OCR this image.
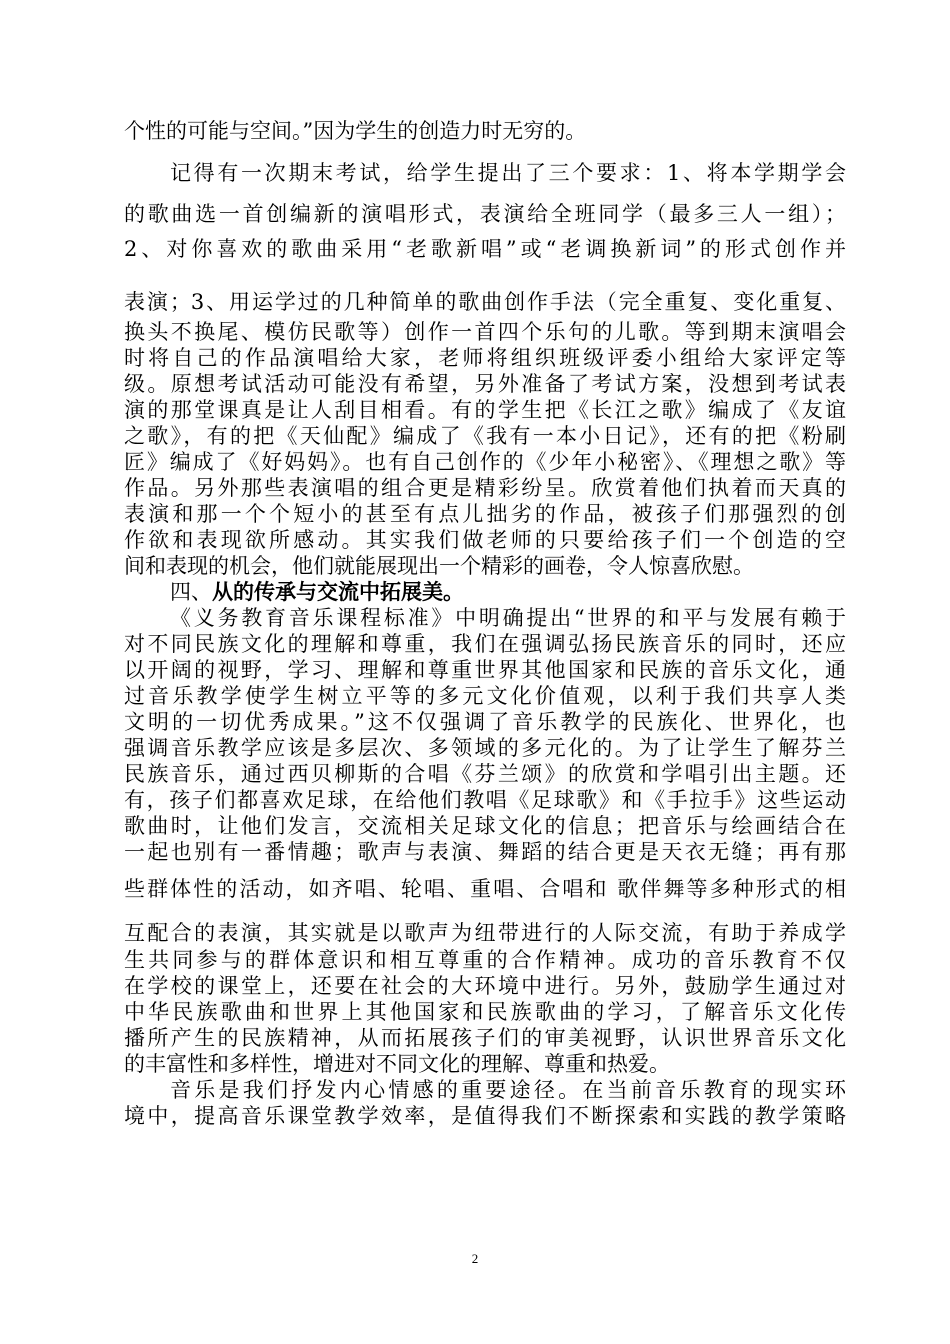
个性的可能与空间。”因为学生的创造力时无穷的。
记得有一次期末考试，给学生提出了三个要求：1、将本学期学会
的歌曲选一首创编新的演唱形式，表演给全班同学（最多三人一组）；
2、对你喜欢的歌曲采用“老歌新唱”或“老调换新词”的形式创作并
表演；3、用运学过的几种简单的歌曲创作手法（完全重复、变化重复、
换头不换尾、模仿民歌等）创作一首四个乐句的儿歌。等到期末演唱会
时将自己的作品演唱给大家，老师将组织班级评委小组给大家评定等
级。原想考试活动可能没有希望，另外准备了考试方案，没想到考试表
演的那堂课真是让人刮目相看。有的学生把《长江之歌》编成了《友谊
之歌》，有的把《天仙配》编成了《我有一本小日记》，还有的把《粉刷
匠》编成了《好妈妈》。也有自己创作的《少年小秘密》、《理想之歌》等
作品。另外那些表演唱的组合更是精彩纷呈。欣赏着他们执着而天真的
表演和那一个个短小的甚至有点儿拙劣的作品，被孩子们那强烈的创
作欲和表现欲所感动。其实我们做老师的只要给孩子们一个创造的空
间和表现的机会，他们就能展现出一个精彩的画卷，令人惊喜欣慰。
四、从的传承与交流中拓展美。
《义务教育音乐课程标准》中明确提出“世界的和平与发展有赖于
对不同民族文化的理解和尊重，我们在强调弘扬民族音乐的同时，还应
以开阔的视野，学习、理解和尊重世界其他国家和民族的音乐文化，通
过音乐教学使学生树立平等的多元文化价值观，以利于我们共享人类
文明的一切优秀成果。”这不仅强调了音乐教学的民族化、世界化，也
强调音乐教学应该是多层次、多领域的多元化的。为了让学生了解芬兰
民族音乐，通过西贝柳斯的合唱《芬兰颂》的欣赏和学唱引出主题。还
有，孩子们都喜欢足球，在给他们教唱《足球歌》和《手拉手》这些运动
歌曲时，让他们发言，交流相关足球文化的信息；把音乐与绘画结合在
一起也别有一番情趣；歌声与表演、舞蹈的结合更是天衣无缝；再有那
些群体性的活动，如齐唱、轮唱、重唱、合唱和 歌伴舞等多种形式的相
互配合的表演，其实就是以歌声为纽带进行的人际交流，有助于养成学
生共同参与的群体意识和相互尊重的合作精神。成功的音乐教育不仅
在学校的课堂上，还要在社会的大环境中进行。另外，鼓励学生通过对
中华民族歌曲和世界上其他国家和民族歌曲的学习，了解音乐文化传
播所产生的民族精神，从而拓展孩子们的审美视野，认识世界音乐文化
的丰富性和多样性，增进对不同文化的理解、尊重和热爱。
音乐是我们抒发内心情感的重要途径。在当前音乐教育的现实环
境中，提高音乐课堂教学效率，是值得我们不断探索和实践的教学策略
2
